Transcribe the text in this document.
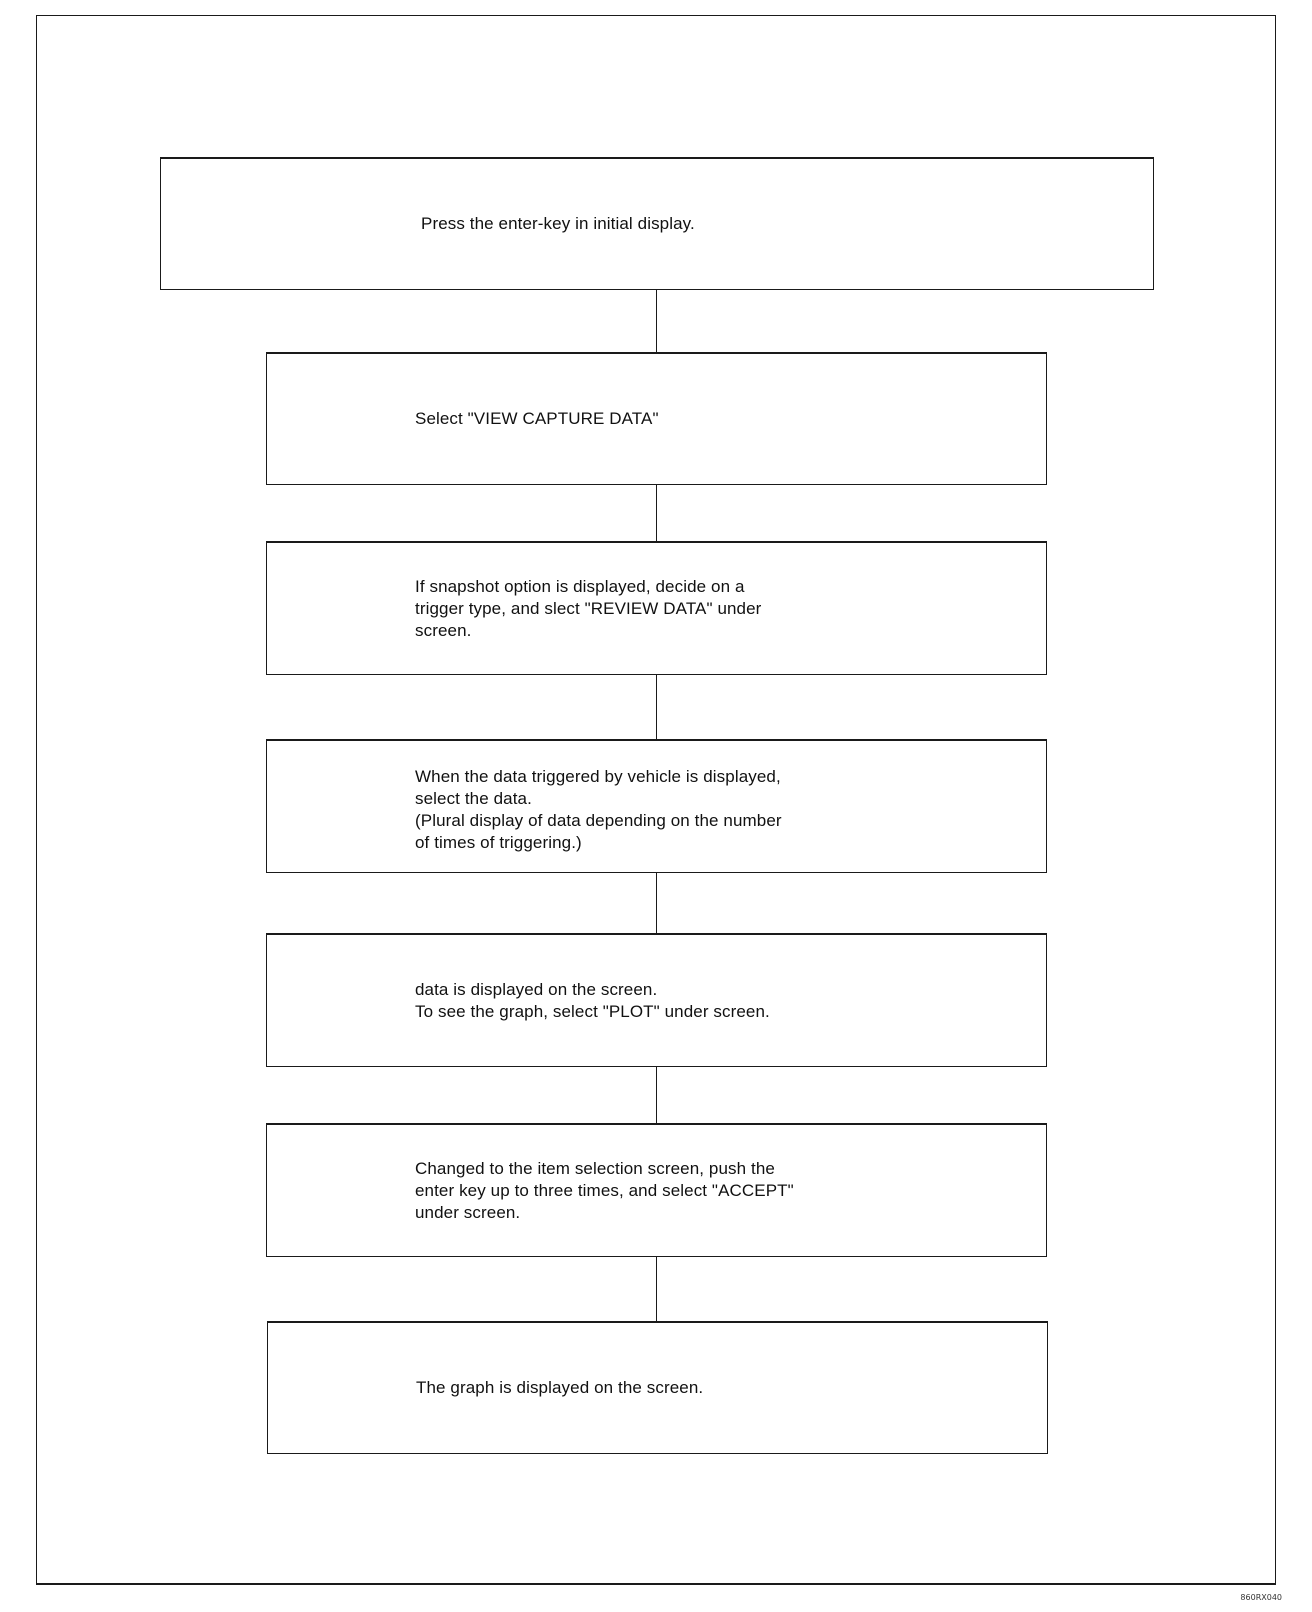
Press the enter-key in initial display.
Select "VIEW CAPTURE DATA"
If snapshot option is displayed, decide on a
trigger type, and slect "REVIEW DATA" under
screen.
When the data triggered by vehicle is displayed,
select the data.
(Plural display of data depending on the number
of times of triggering.)
data is displayed on the screen.
To see the graph, select "PLOT" under screen.
Changed to the item selection screen, push the
enter key up to three times, and select "ACCEPT"
under screen.
The graph is displayed on the screen.
860RX040
